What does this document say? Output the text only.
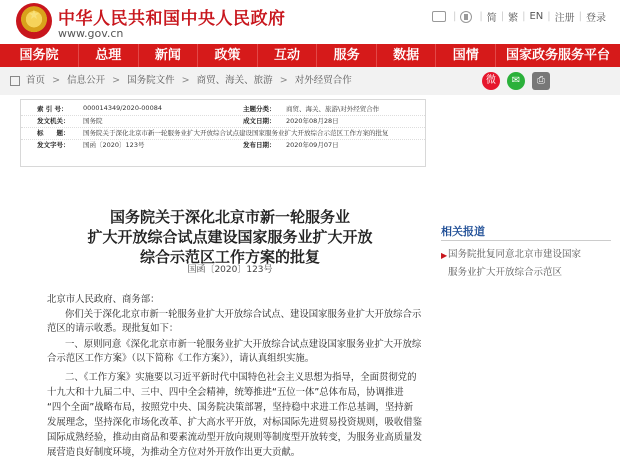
★	中华人民共和国中央人民政府
www.gov.cn
| | 简 | 繁 | EN | 注册 | 登录
国务院	总理	新闻	政策	互动	服务	数据	国情	国家政务服务平台
首页 > 信息公开 > 国务院文件 > 商贸、海关、旅游 > 对外经贸合作	微	✉	⎙
索 引 号： 000014349/2020-00084	主题分类： 商贸、海关、旅游\对外经贸合作
发文机关： 国务院	成文日期： 2020年08月28日
标　　题： 国务院关于深化北京市新一轮服务业扩大开放综合试点建设国家服务业扩大开放综合示范区工作方案的批复
发文字号： 国函〔2020〕123号	发布日期： 2020年09月07日
国务院关于深化北京市新一轮服务业
扩大开放综合试点建设国家服务业扩大开放
综合示范区工作方案的批复
国函〔2020〕123号
北京市人民政府、商务部：
你们关于深化北京市新一轮服务业扩大开放综合试点、建设国家服务业扩大开放综合示
范区的请示收悉。现批复如下：
一、原则同意《深化北京市新一轮服务业扩大开放综合试点建设国家服务业扩大开放综
合示范区工作方案》（以下简称《工作方案》），请认真组织实施。
二、《工作方案》实施要以习近平新时代中国特色社会主义思想为指导，全面贯彻党的
十九大和十九届二中、三中、四中全会精神，统筹推进“五位一体”总体布局，协调推进
“四个全面”战略布局，按照党中央、国务院决策部署，坚持稳中求进工作总基调，坚持新
发展理念，坚持深化市场化改革、扩大高水平开放，对标国际先进贸易投资规则，吸收借鉴
国际成熟经验，推动由商品和要素流动型开放向规则等制度型开放转变，为服务业高质量发
展营造良好制度环境，为推动全方位对外开放作出更大贡献。
相关报道
▶ 国务院批复同意北京市建设国家服务业扩大开放综合示范区
